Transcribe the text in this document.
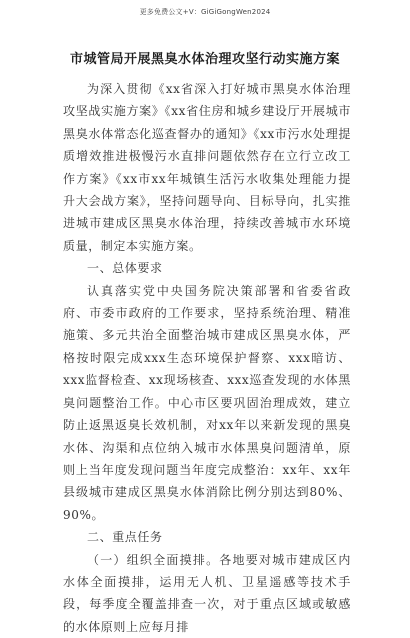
更多免费公文+V：GiGiGongWen2024
市城管局开展黑臭水体治理攻坚行动实施方案

为深入贯彻《xx省深入打好城市黑臭水体治理攻坚战实施方案》《xx省住房和城乡建设厅开展城市黑臭水体常态化巡查督办的通知》《xx市污水处理提质增效推进极慢污水直排问题依然存在立行立改工作方案》《xx市xx年城镇生活污水收集处理能力提升大会战方案》，坚持问题导向、目标导向，扎实推进城市建成区黑臭水体治理，持续改善城市水环境质量，制定本实施方案。

一、总体要求

认真落实党中央国务院决策部署和省委省政府、市委市政府的工作要求，坚持系统治理、精准施策、多元共治全面整治城市建成区黑臭水体，严格按时限完成xxx生态环境保护督察、xxx暗访、xxx监督检查、xx现场核查、xxx巡查发现的水体黑臭问题整治工作。中心市区要巩固治理成效，建立防止返黑返臭长效机制，对xx年以来新发现的黑臭水体、沟渠和点位纳入城市水体黑臭问题清单，原则上当年度发现问题当年度完成整治：xx年、xx年县级城市建成区黑臭水体消除比例分别达到80%、90%。

二、重点任务

（一）组织全面摸排。各地要对城市建成区内水体全面摸排，运用无人机、卫星遥感等技术手段，每季度全覆盖排查一次，对于重点区域或敏感的水体原则上应每月排
